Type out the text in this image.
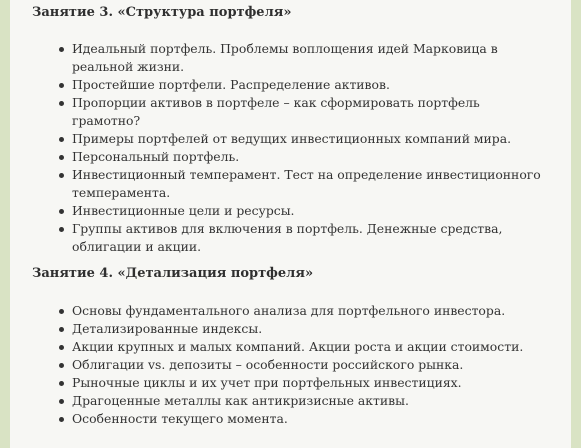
Занятие 3. «Структура портфеля»
Идеальный портфель. Проблемы воплощения идей Марковица в реальной жизни.
Простейшие портфели. Распределение активов.
Пропорции активов в портфеле – как сформировать портфель грамотно?
Примеры портфелей от ведущих инвестиционных компаний мира.
Персональный портфель.
Инвестиционный темперамент. Тест на определение инвестиционного темперамента.
Инвестиционные цели и ресурсы.
Группы активов для включения в портфель. Денежные средства, облигации и акции.
Занятие 4. «Детализация портфеля»
Основы фундаментального анализа для портфельного инвестора.
Детализированные индексы.
Акции крупных и малых компаний. Акции роста и акции стоимости.
Облигации vs. депозиты – особенности российского рынка.
Рыночные циклы и их учет при портфельных инвестициях.
Драгоценные металлы как антикризисные активы.
Особенности текущего момента.
